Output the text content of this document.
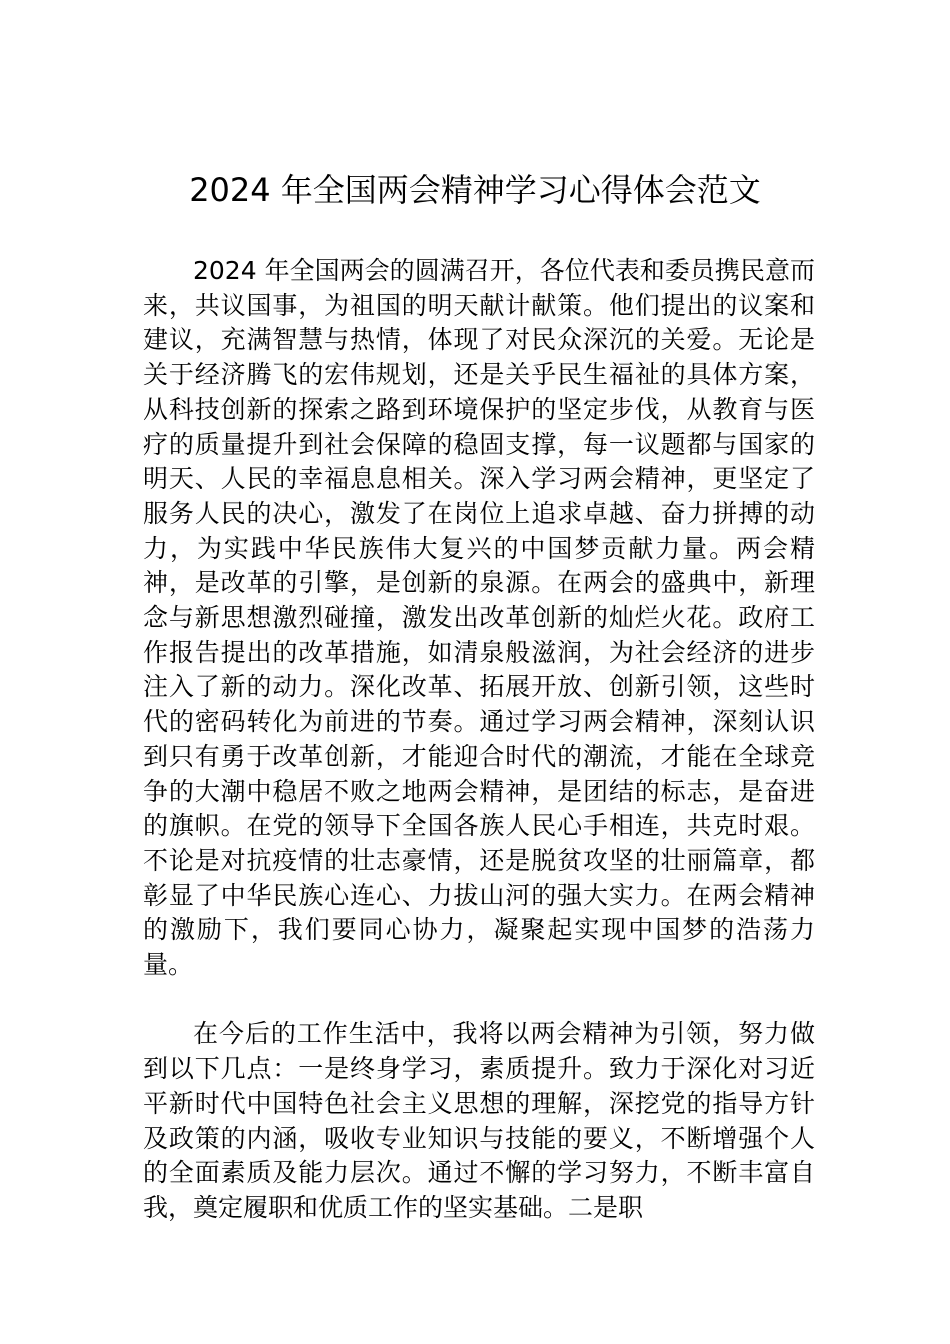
2024 年全国两会精神学习心得体会范文

2024 年全国两会的圆满召开，各位代表和委员携民意而来，共议国事，为祖国的明天献计献策。他们提出的议案和建议，充满智慧与热情，体现了对民众深沉的关爱。无论是关于经济腾飞的宏伟规划，还是关乎民生福祉的具体方案，从科技创新的探索之路到环境保护的坚定步伐，从教育与医疗的质量提升到社会保障的稳固支撑，每一议题都与国家的明天、人民的幸福息息相关。深入学习两会精神，更坚定了服务人民的决心，激发了在岗位上追求卓越、奋力拼搏的动力，为实践中华民族伟大复兴的中国梦贡献力量。两会精神，是改革的引擎，是创新的泉源。在两会的盛典中，新理念与新思想激烈碰撞，激发出改革创新的灿烂火花。政府工作报告提出的改革措施，如清泉般滋润，为社会经济的进步注入了新的动力。深化改革、拓展开放、创新引领，这些时代的密码转化为前进的节奏。通过学习两会精神，深刻认识到只有勇于改革创新，才能迎合时代的潮流，才能在全球竞争的大潮中稳居不败之地两会精神，是团结的标志，是奋进的旗帜。在党的领导下全国各族人民心手相连，共克时艰。不论是对抗疫情的壮志豪情，还是脱贫攻坚的壮丽篇章，都彰显了中华民族心连心、力拔山河的强大实力。在两会精神的激励下，我们要同心协力，凝聚起实现中国梦的浩荡力量。

在今后的工作生活中，我将以两会精神为引领，努力做到以下几点：一是终身学习，素质提升。致力于深化对习近平新时代中国特色社会主义思想的理解，深挖党的指导方针及政策的内涵，吸收专业知识与技能的要义，不断增强个人的全面素质及能力层次。通过不懈的学习努力，不断丰富自我，奠定履职和优质工作的坚实基础。二是职
